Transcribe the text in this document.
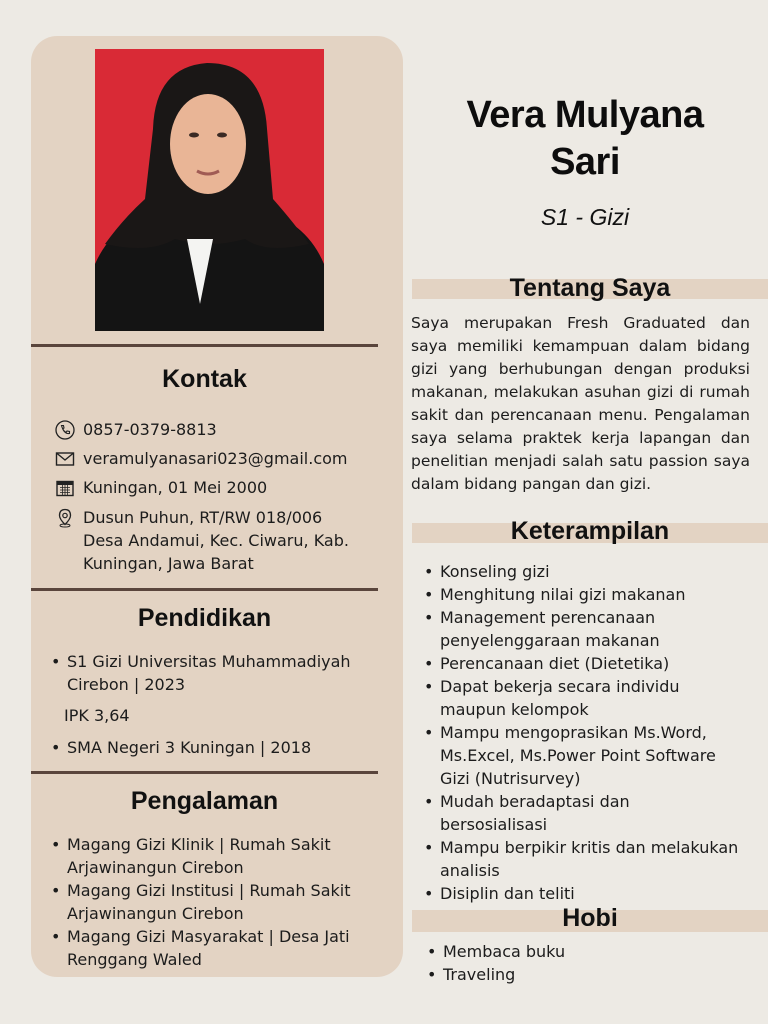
Kontak
0857-0379-8813
veramulyanasari023@gmail.com
Kuningan, 01 Mei 2000
Dusun Puhun, RT/RW 018/006
Desa Andamui, Kec. Ciwaru, Kab.
Kuningan, Jawa Barat
Pendidikan
• S1 Gizi Universitas Muhammadiyah
Cirebon | 2023
IPK 3,64
• SMA Negeri 3 Kuningan | 2018
Pengalaman
• Magang Gizi Klinik | Rumah Sakit
Arjawinangun Cirebon
• Magang Gizi Institusi | Rumah Sakit
Arjawinangun Cirebon
• Magang Gizi Masyarakat | Desa Jati
Renggang Waled
Vera Mulyana
Sari
S1 - Gizi
Tentang Saya
Saya merupakan Fresh Graduated dan saya memiliki kemampuan dalam bidang gizi yang berhubungan dengan produksi makanan, melakukan asuhan gizi di rumah sakit dan perencanaan menu. Pengalaman saya selama praktek kerja lapangan dan penelitian menjadi salah satu passion saya dalam bidang pangan dan gizi.
Keterampilan
• Konseling gizi
• Menghitung nilai gizi makanan
• Management perencanaan
penyelenggaraan makanan
• Perencanaan diet (Dietetika)
• Dapat bekerja secara individu
maupun kelompok
• Mampu mengoprasikan Ms.Word,
Ms.Excel, Ms.Power Point Software
Gizi (Nutrisurvey)
• Mudah beradaptasi dan
bersosialisasi
• Mampu berpikir kritis dan melakukan
analisis
• Disiplin dan teliti
Hobi
• Membaca buku
• Traveling
